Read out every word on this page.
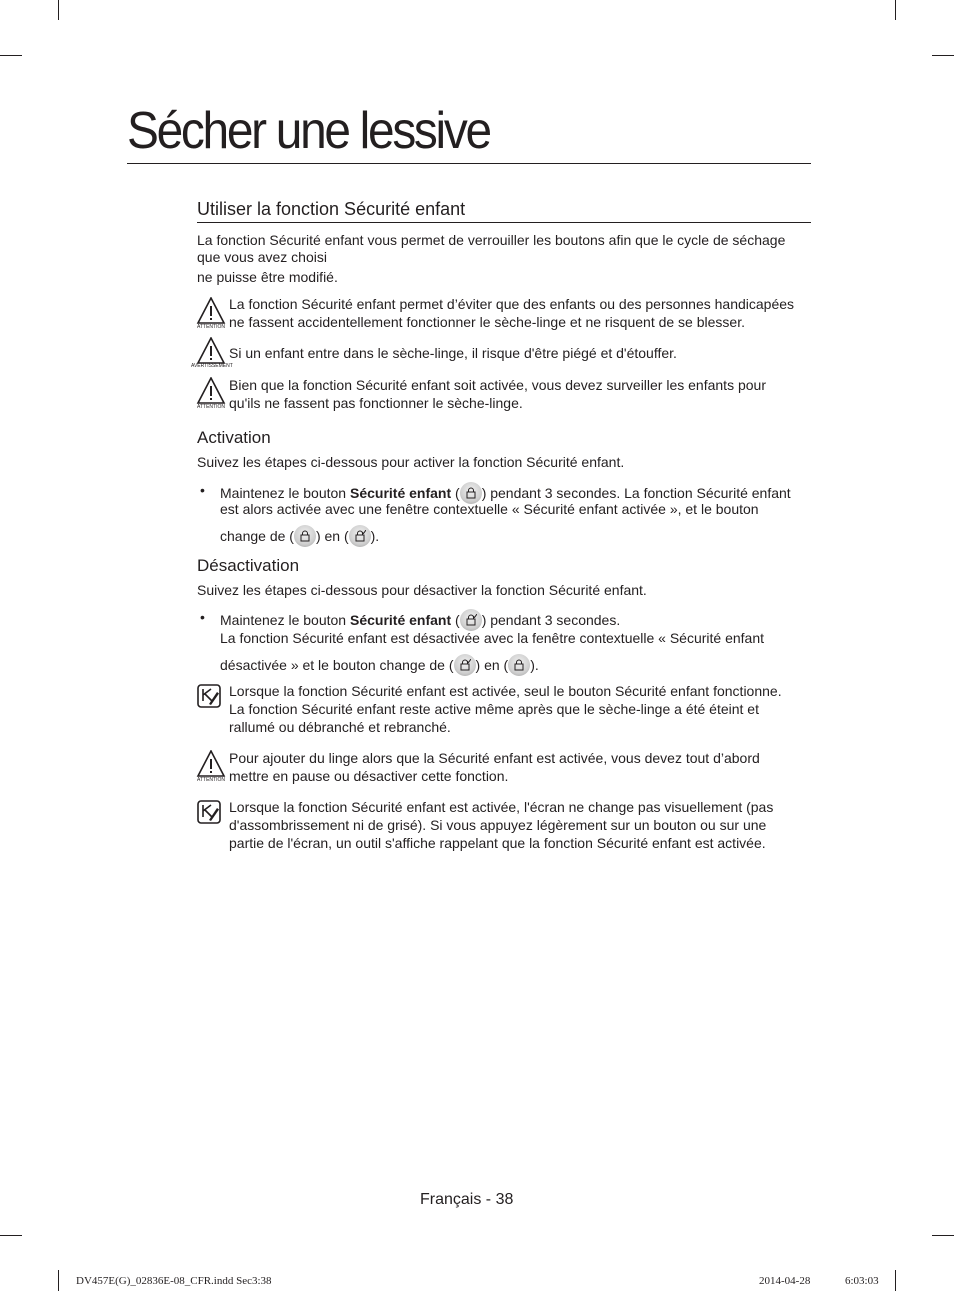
Sécher une lessive
Utiliser la fonction Sécurité enfant
La fonction Sécurité enfant vous permet de verrouiller les boutons afin que le cycle de séchage
que vous avez choisi
ne puisse être modifié.
ATTENTION
La fonction Sécurité enfant permet d’éviter que des enfants ou des personnes handicapées
ne fassent accidentellement fonctionner le sèche-linge et ne risquent de se blesser.
AVERTISSEMENT
Si un enfant entre dans le sèche-linge, il risque d'être piégé et d'étouffer.
ATTENTION
Bien que la fonction Sécurité enfant soit activée, vous devez surveiller les enfants pour
qu'ils ne fassent pas fonctionner le sèche-linge.
Activation
Suivez les étapes ci-dessous pour activer la fonction Sécurité enfant.
• Maintenez le bouton Sécurité enfant ( ) pendant 3 secondes. La fonction Sécurité enfant
est alors activée avec une fenêtre contextuelle « Sécurité enfant activée », et le bouton
change de ( ) en ( ).
Désactivation
Suivez les étapes ci-dessous pour désactiver la fonction Sécurité enfant.
• Maintenez le bouton Sécurité enfant ( ) pendant 3 secondes.
La fonction Sécurité enfant est désactivée avec la fenêtre contextuelle « Sécurité enfant
désactivée » et le bouton change de ( ) en ( ).
Lorsque la fonction Sécurité enfant est activée, seul le bouton Sécurité enfant fonctionne.
La fonction Sécurité enfant reste active même après que le sèche-linge a été éteint et
rallumé ou débranché et rebranché.
ATTENTION
Pour ajouter du linge alors que la Sécurité enfant est activée, vous devez tout d’abord
mettre en pause ou désactiver cette fonction.
Lorsque la fonction Sécurité enfant est activée, l'écran ne change pas visuellement (pas
d'assombrissement ni de grisé). Si vous appuyez légèrement sur un bouton ou sur une
partie de l'écran, un outil s'affiche rappelant que la fonction Sécurité enfant est activée.
Français - 38
DV457E(G)_02836E-08_CFR.indd Sec3:38	2014-04-28	6:03:03
